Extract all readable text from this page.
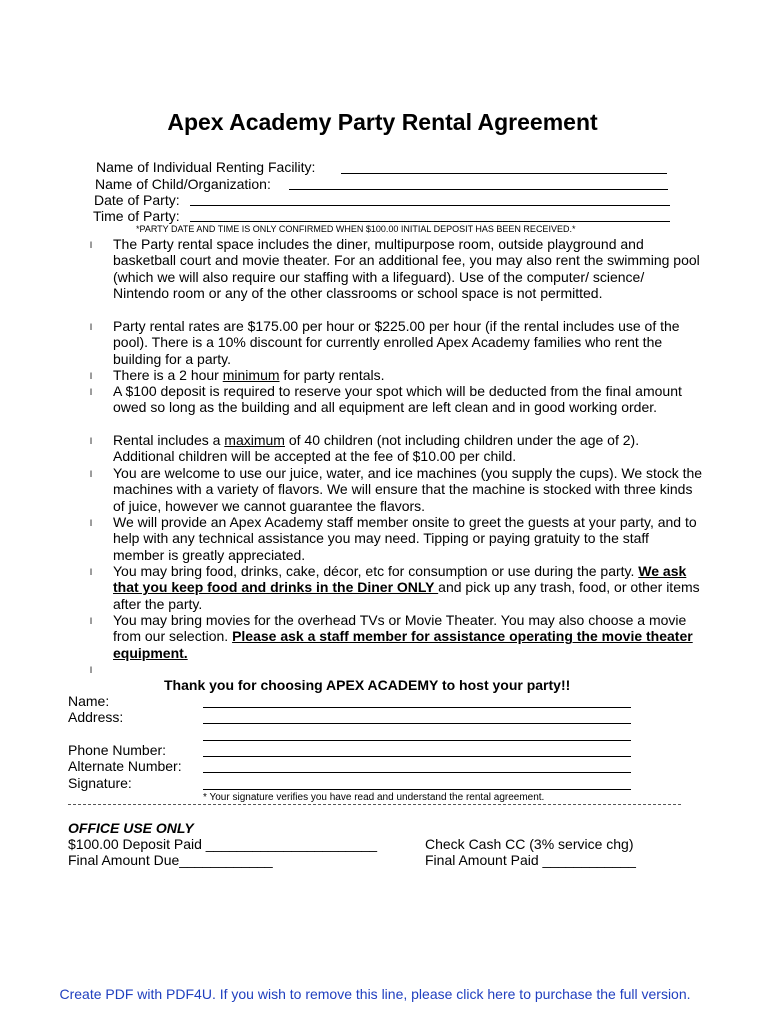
Apex Academy Party Rental Agreement
Name of Individual Renting Facility:
Name of Child/Organization:
Date of Party:
Time of Party:
*PARTY DATE AND TIME IS ONLY CONFIRMED WHEN $100.00 INITIAL DEPOSIT HAS BEEN RECEIVED.*
l The Party rental space includes the diner, multipurpose room, outside playground and basketball court and movie theater. For an additional fee, you may also rent the swimming pool (which we will also require our staffing with a lifeguard). Use of the computer/ science/ Nintendo room or any of the other classrooms or school space is not permitted.
l Party rental rates are $175.00 per hour or $225.00 per hour (if the rental includes use of the pool). There is a 10% discount for currently enrolled Apex Academy families who rent the building for a party.
l There is a 2 hour minimum for party rentals.
l A $100 deposit is required to reserve your spot which will be deducted from the final amount owed so long as the building and all equipment are left clean and in good working order.
l Rental includes a maximum of 40 children (not including children under the age of 2). Additional children will be accepted at the fee of $10.00 per child.
l You are welcome to use our juice, water, and ice machines (you supply the cups). We stock the machines with a variety of flavors. We will ensure that the machine is stocked with three kinds of juice, however we cannot guarantee the flavors.
l We will provide an Apex Academy staff member onsite to greet the guests at your party, and to help with any technical assistance you may need. Tipping or paying gratuity to the staff member is greatly appreciated.
l You may bring food, drinks, cake, décor, etc for consumption or use during the party. We ask that you keep food and drinks in the Diner ONLY and pick up any trash, food, or other items after the party.
l You may bring movies for the overhead TVs or Movie Theater. You may also choose a movie from our selection. Please ask a staff member for assistance operating the movie theater equipment.
l
Thank you for choosing APEX ACADEMY to host your party!!
Name:
Address:
Phone Number:
Alternate Number:
Signature:
* Your signature verifies you have read and understand the rental agreement.
OFFICE USE ONLY
$100.00 Deposit Paid ______________________
Final Amount Due____________
Check Cash CC (3% service chg)
Final Amount Paid ____________
Create PDF with PDF4U. If you wish to remove this line, please click here to purchase the full version.
